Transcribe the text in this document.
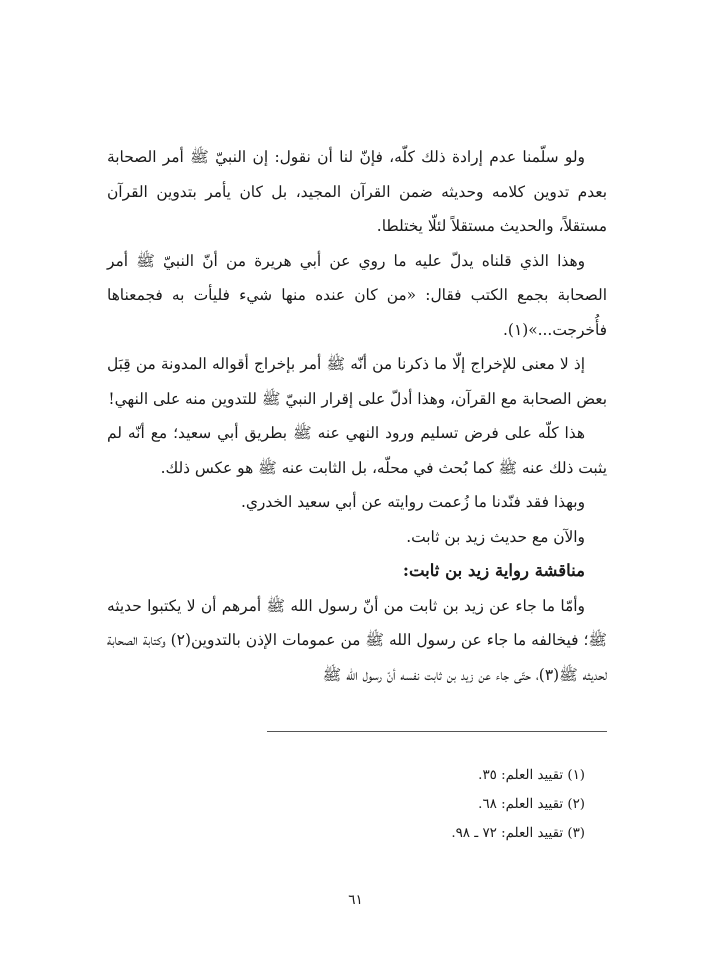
ولو سلّمنا عدم إرادة ذلك كلّه، فإنّ لنا أن نقول: إن النبيّ ﷺ أمر الصحابة بعدم تدوين كلامه وحديثه ضمن القرآن المجيد، بل كان يأمر بتدوين القرآن مستقلاً، والحديث مستقلاً لئلّا يختلطا.

وهذا الذي قلناه يدلّ عليه ما روي عن أبي هريرة من أنّ النبيّ ﷺ أمر الصحابة بجمع الكتب فقال: «من كان عنده منها شيء فليأت به فجمعناها فأُخرجت...»(١).

إذ لا معنى للإخراج إلّا ما ذكرنا من أنّه ﷺ أمر بإخراج أقواله المدونة من قِبَل بعض الصحابة مع القرآن، وهذا أدلّ على إقرار النبيّ ﷺ للتدوين منه على النهي!

هذا كلّه على فرض تسليم ورود النهي عنه ﷺ بطريق أبي سعيد؛ مع أنّه لم يثبت ذلك عنه ﷺ كما بُحث في محلّه، بل الثابت عنه ﷺ هو عكس ذلك.

وبهذا فقد فنّدنا ما زُعمت روايته عن أبي سعيد الخدري.

والآن مع حديث زيد بن ثابت.

مناقشة رواية زيد بن ثابت:

وأمّا ما جاء عن زيد بن ثابت من أنّ رسول الله ﷺ أمرهم أن لا يكتبوا حديثه ﷺ؛ فيخالفه ما جاء عن رسول الله ﷺ من عمومات الإذن بالتدوين(٢) وكتابة الصحابة لحديثه ﷺ(٣)، حتّى جاء عن زيد بن ثابت نفسه أنّ رسول الله ﷺ

(١) تقييد العلم: ٣٥.
(٢) تقييد العلم: ٦٨.
(٣) تقييد العلم: ٧٢ ـ ٩٨.
٦١
